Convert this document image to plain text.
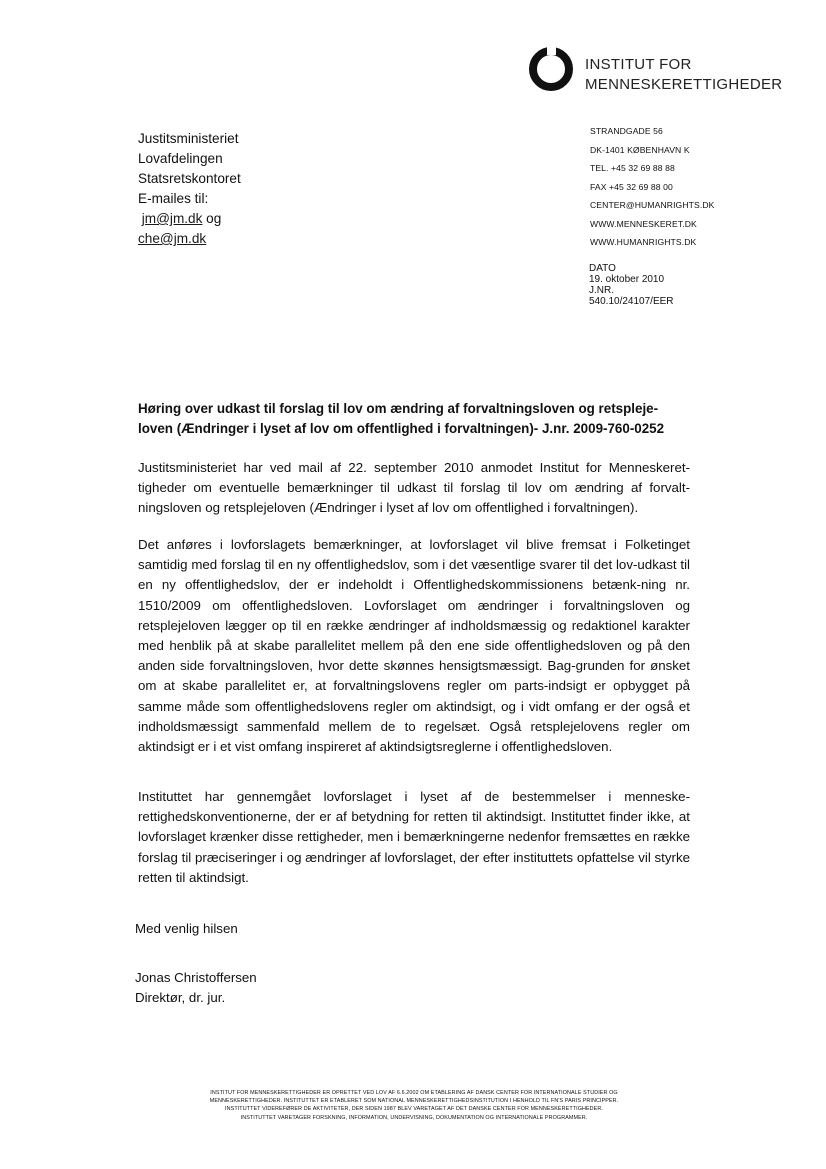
INSTITUT FOR
MENNESKERETTIGHEDER
Justitsministeriet
Lovafdelingen
Statsretskontoret
E-mailes til:
jm@jm.dk og
che@jm.dk
STRANDGADE 56
DK-1401 KØBENHAVN K
TEL. +45 32 69 88 88
FAX +45 32 69 88 00
CENTER@HUMANRIGHTS.DK
WWW.MENNESKERET.DK
WWW.HUMANRIGHTS.DK
DATO
19. oktober 2010
J.NR.
540.10/24107/EER
Høring over udkast til forslag til lov om ændring af forvaltningsloven og retspleje-
loven (Ændringer i lyset af lov om offentlighed i forvaltningen)- J.nr. 2009-760-0252
Justitsministeriet har ved mail af 22. september 2010 anmodet Institut for Menneskeret-tigheder om eventuelle bemærkninger til udkast til forslag til lov om ændring af forvalt-ningsloven og retsplejeloven (Ændringer i lyset af lov om offentlighed i forvaltningen).
Det anføres i lovforslagets bemærkninger, at lovforslaget vil blive fremsat i Folketinget samtidig med forslag til en ny offentlighedslov, som i det væsentlige svarer til det lov-udkast til en ny offentlighedslov, der er indeholdt i Offentlighedskommissionens betænk-ning nr. 1510/2009 om offentlighedsloven. Lovforslaget om ændringer i forvaltningsloven og retsplejeloven lægger op til en række ændringer af indholdsmæssig og redaktionel karakter med henblik på at skabe parallelitet mellem på den ene side offentlighedsloven og på den anden side forvaltningsloven, hvor dette skønnes hensigtsmæssigt. Bag-grunden for ønsket om at skabe parallelitet er, at forvaltningslovens regler om parts-indsigt er opbygget på samme måde som offentlighedslovens regler om aktindsigt, og i vidt omfang er der også et indholdsmæssigt sammenfald mellem de to regelsæt. Også retsplejelovens regler om aktindsigt er i et vist omfang inspireret af aktindsigtsreglerne i offentlighedsloven.
Instituttet har gennemgået lovforslaget i lyset af de bestemmelser i menneske-rettighedskonventionerne, der er af betydning for retten til aktindsigt. Instituttet finder ikke, at lovforslaget krænker disse rettigheder, men i bemærkningerne nedenfor fremsættes en række forslag til præciseringer i og ændringer af lovforslaget, der efter instituttets opfattelse vil styrke retten til aktindsigt.
Med venlig hilsen
Jonas Christoffersen
Direktør, dr. jur.
INSTITUT FOR MENNESKERETTIGHEDER ER OPRETTET VED LOV AF 6.6.2002 OM ETABLERING AF DANSK CENTER FOR INTERNATIONALE STUDIER OG
MENNESKERETTIGHEDER. INSTITUTTET ER ETABLERET SOM NATIONAL MENNESKERETTIGHEDSINSTITUTION I HENHOLD TIL FN'S PARIS PRINCIPPER.
INSTITUTTET VIDEREFØRER DE AKTIVITETER, DER SIDEN 1987 BLEV VARETAGET AF DET DANSKE CENTER FOR MENNESKERETTIGHEDER.
INSTITUTTET VARETAGER FORSKNING, INFORMATION, UNDERVISNING, DOKUMENTATION OG INTERNATIONALE PROGRAMMER.
